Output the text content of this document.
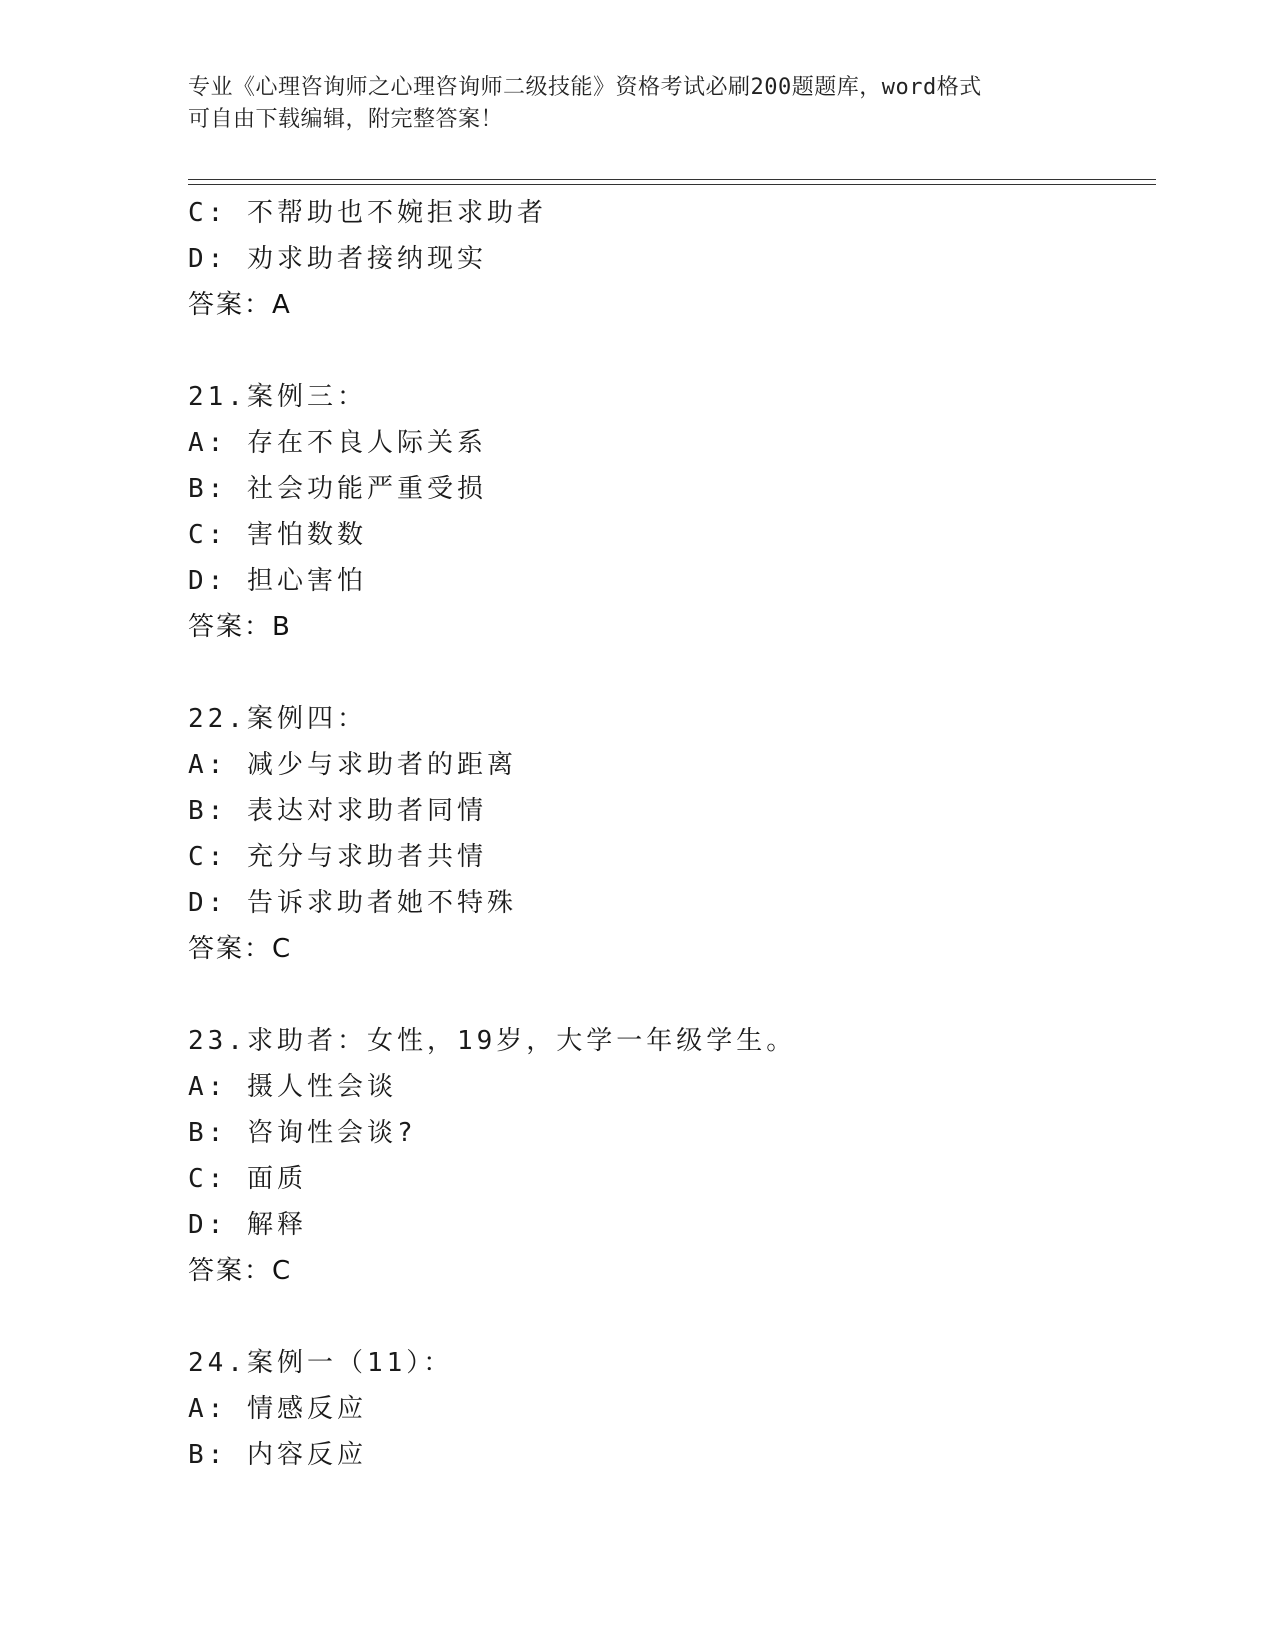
专业《心理咨询师之心理咨询师二级技能》资格考试必刷200题题库，word格式
可自由下载编辑，附完整答案！
C: 不帮助也不婉拒求助者
D: 劝求助者接纳现实
答案：A
21.案例三：
A: 存在不良人际关系
B: 社会功能严重受损
C: 害怕数数
D: 担心害怕
答案：B
22.案例四：
A: 减少与求助者的距离
B: 表达对求助者同情
C: 充分与求助者共情
D: 告诉求助者她不特殊
答案：C
23.求助者：女性，19岁，大学一年级学生。
A: 摄人性会谈
B: 咨询性会谈?
C: 面质
D: 解释
答案：C
24.案例一（11）：
A: 情感反应
B: 内容反应
